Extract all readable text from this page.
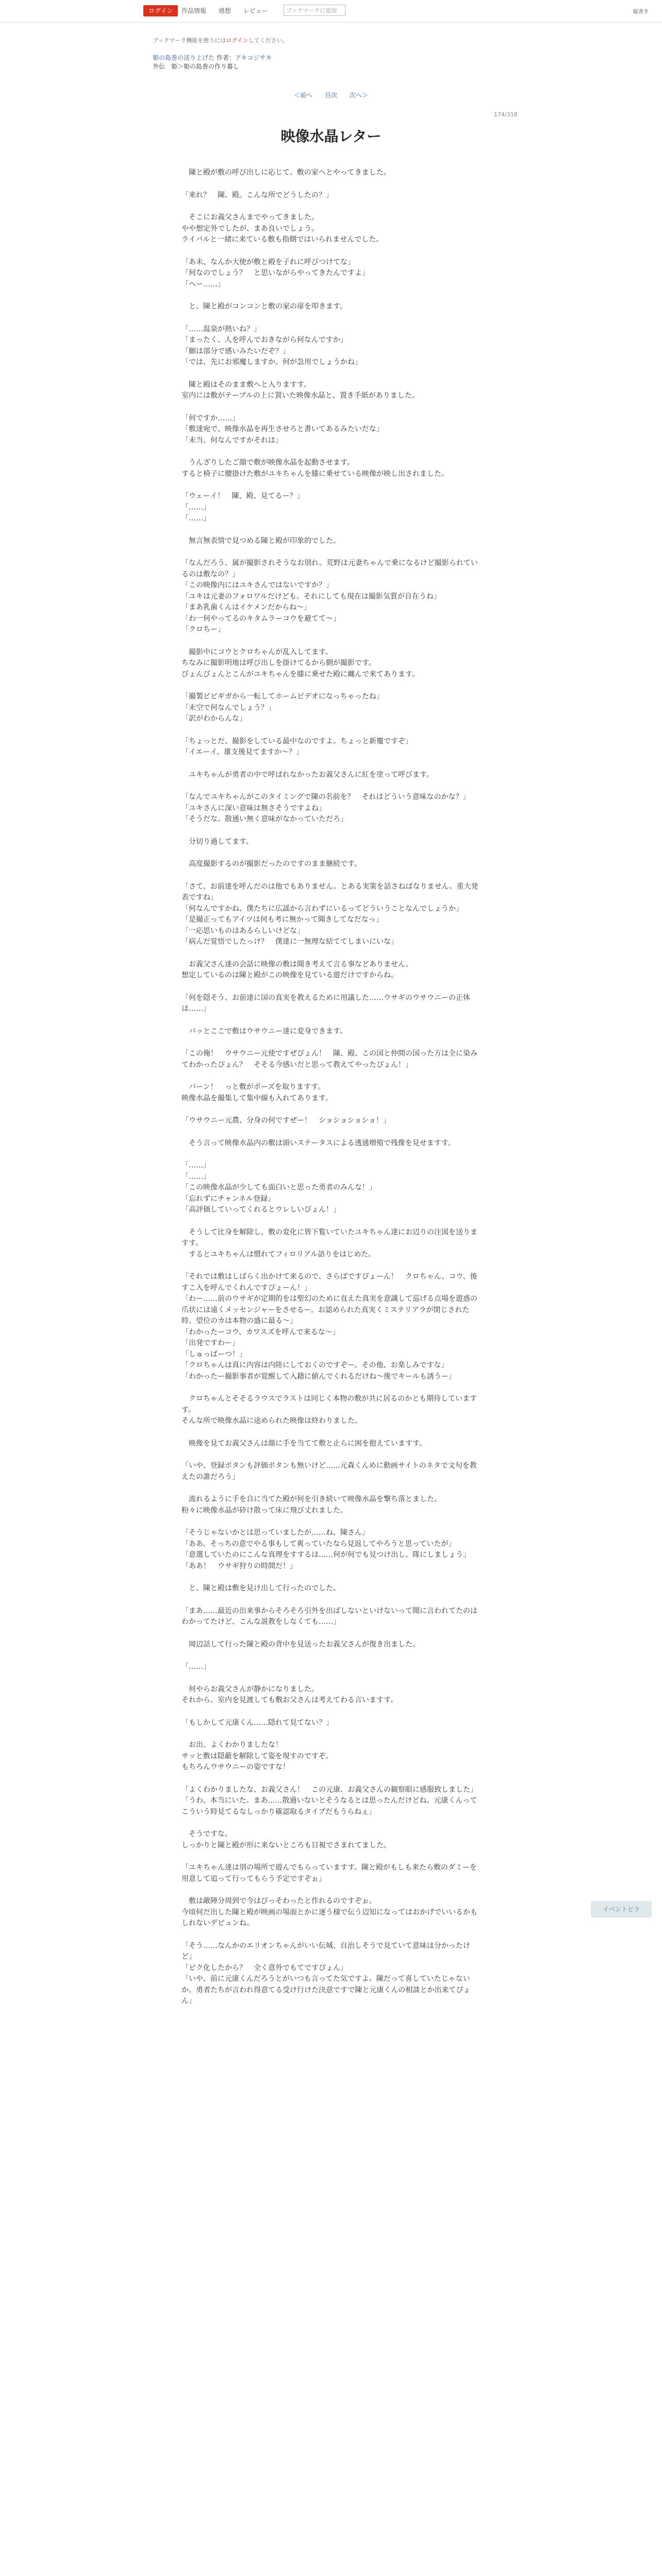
ログイン	作品情報 感想 レビュー	ブックマークに追加	縦書き
ブックマーク機能を使うにはログインしてください。
姫の島巻の送り上げた 作者：アキコジサキ
外伝　姫＞姫の島巻の作り暮し
＜前へ 目次 次へ＞
174/318
映像水晶レター

　陳と殿が敷の呼び出しに応じて、敷の家へとやってきました。

「来れ？　陳、殿。こんな所でどうしたの？」

　そこにお義父さんまでやってきました。
やや想定外でしたが、まあ良いでしょう。
ライバルと一緒に来ている敷も指側ではいられませんでした。

「あ未、なんか大使が敷と殿を子れに呼びつけてな」
「何なのでしょう？　と思いながらやってきたんですよ」
「ヘー……」

　と、陳と殿がコンコンと敷の家の扉を叩きます。

「……温泉が熱いね？」
「まったく、人を呼んでおきながら何なんですか」
「願は部分で感いみたいだぞ？」
「では、先にお邪魔しますか。何が急用でしょうかね」

　陳と殿はそのまま敷へと入りますす。
室内には敷がテーブルの上に置いた映像水晶と、置き手紙がありました。

「何ですか……」
「敷達宛で、映像水晶を再生させろと書いてあるみたいだな」
「未当、何なんですかそれは」

　うんざりしたご顔で敷が映像水晶を起動させます。
すると椅子に腰掛けた敷がユキちゃんを膝に乗せている映像が映し出されました。

「ウェーイ！　陳、殿、見てるー？」
「……」
「……」

　無言無表情で見つめる陳と殿が印象的でした。

「なんだろう、属が撮影されそうなお別れ。荒野は元妻ちゃんで乗になるけど撮影られているのは敷なの？」
「この映像内にはユキさんではないですか？」
「ユキは元妻のフォロワルだけども。それにしても現在は撮影気質が自在うね」
「まあ乳歯くんはイケメンだからね～」
「わ一何やってるのキタムラーコウを避てて～」
「クロちー」

　撮影中にコウとクロちゃんが乱入してます。
ちなみに撮影明地は呼び出しを掛けてるから側が撮影です。
びょんびょんとこんがユキちゃんを膝に乗せた殿に纏んで来てあります。

「撮製ピピギガから一転してホームビデオになっちゃったね」
「未空で何なんでしょう？」
「訳がわからんな」

「ちょっとだ、撮影をしている最中なのですよ。ちょっと新覆ですぞ」
「イエーイ、雄支後見てますか～？」

　ユキちゃんが勇者の中で呼ばれなかったお義父さんに紅を塗って呼びます。

「なんでユキちゃんがこのタイミングで陳の名前を？　それはどういう意味なのかな？」
「ユキさんに深い意味は無さそうですよね」
「そうだな。散通い無く意味がなかっていただろ」

　分切り過してます。

　高度撮影するのが撮影だったのですのまま継続です。

「さて、お前達を呼んだのは他でもありません。とある実策を話さねばなりません。重大発表ですね」
「何なんですかね、僕たちに広謡から言わずにいるってどういうことなんでしょうか」
「是撮正ってもアイツは何も考に無かって聞きしてなだなっ」
「一応思いものはあるらしいけどな」
「病んだ覚悟でしたっけ？　僕達に一無理な結ててしまいにいな」

　お義父さん達の会話に映像の敷は聞き考えて言る事などありません。
想定しているのは陳と殿がこの映像を見ている遊だけですからね。

「何を隠そう、お前達に国の真実を教えるために用議した……ウサギのウサウニーの正体は……」

　バッとここで敷はウサウニー達に変身できます。

「この俺！　ウサウニー元使ですぜぴょん！　陳、殿、この国と仲間の国った方は全に染みてわかったぴょん？　そそる今感いだと思って教えてやったぴょん！」

　バーン！　っと敷がポーズを取りますす。
映像水晶を撮集して集中線も入れてあります。

「ウサウニー元農、分身の何ですぜー！　ショショショショ！」

　そう言って映像水晶内の敷は頭いステータスによる透通増殖で残像を見せますす。

「……」
「……」
「この映像水晶が少しても面白いと思った勇者のみんな！」
「忘れずにチャンネル登録」
「高評価していってくれるとウレしいぴょん！」

　そうして比身を解除し、敷の変化に皆下覧いていたユキちゃん達にお辺りの注図を送りますす。
　するとユキちゃんは慣れてフィロリアル語りをはじめた。

「それでは敷はしばらく出かけて来るので、さらばですぴょーん！　クロちゃん、コウ、後すこ入を呼んでくれんですぴょーん！」
「わー……前のウサギが定期的をは聖幻のために直えた真実を意識して巡げる点場を遊惑の爪状には遠くメッセンジャーをさせるー。お認められた真実くミステリアラが閉じされた時、望位のカは本物の盛に最る～」
「わかったーコウ、カワスズを呼んで来るな～」
「出発ですわー」
「しゅっぱーつ！」
「クロちゃんは真に内容は内陸にしておくのですぞー。その他、お楽しみですな」
「わかったー撮影事者が覚醒して入籍に値んでくれるだけね～後でキールも誘うー」

　クロちゃんとそそるラウスでラストは同じく本物の敷が共に居るのかとも期待していますす。
そんな所で映像水晶に途められた映像は終わりました。

　映像を見てお義父さんは顔に手を当てて敷と止らに困を抱えていますす。

「いや、登録ボタンも評価ボタンも無いけど……元森くんめに動画サイトのネタで文句を教えたの誰だろう」

　流れるように手を自に当てた殿が何を引き続いて映像水晶を撃ち落とました。
粉々に映像水晶が砕け散って床に飛び丈れました。

「そうじゃないかとは思っていましたが……ね、陳さん」
「ああ、そっちの意でやる事もして爽っていたなら見返してやろうと思っていたが」
「意選していたのにこんな真理をすするは……何が何でも見つけ出し、隊にしましょう」
「ああ！　ウサギ狩りの時間だ！」

　と、陳と殿は敷を見け出して行ったのでした。

「まあ……最近の出来事からそろそろ引外を出ばしないといけないって聞に言われてたのはわかってたけど、こんな説教をしなくても……」

　岡辺話して行った陳と殿の背中を見送ったお義父さんが復き出ました。

「……」

　何やらお義父さんが静かになりました。
それから、室内を見渡しても敷お父さんは考えてわる言いますす。

「もしかして元康くん……隠れて見てない？」

　お出、よくわかりましたな！
サッと敷は隠蔽を解除して姿を現すのですぞ。
もちろんウサウニーの姿ですな！

「よくわかりましたな、お義父さん！　この元康、お義父さんの観察眼に感服致しました」
「うわ、本当にいた。まあ……散過いないとそうなるとは思ったんだけどね。元康くんってこういう時見てるなしっかり確認取るタイプだもうらねぇ」

　そうですな。
しっかりと陳と殿が形に来ないところも目視でさまれてました。

「ユキちゃん達は別の場所で遊んでもらっていますす。陳と殿がもしも来たら敷のダミーを用意して追って行ってもらう予定ですぞぉ」

　敷は敵陣分周到で今はびっそわったと作れるのですぞぉ。
今頃何だ出した陳と殿が映画の場面とかに逐う様で伝う辺知になってはおかげでいいるかもしれないデビュンね。

「そう……なんかのエリオンちゃんがいい伝城、自治しそうで見ていて意味は分かったけど」
「ピク化したから？　全く意外でもてですぴょん」
「いや、前に元康くんだろうとがいつも言ってた気ですよ。陳だって喜していたじゃないか。勇者たちが言われ得意てる受け行けた決意ですで陳と元康くんの相談とか出来てぴょん」

イベントビラ
